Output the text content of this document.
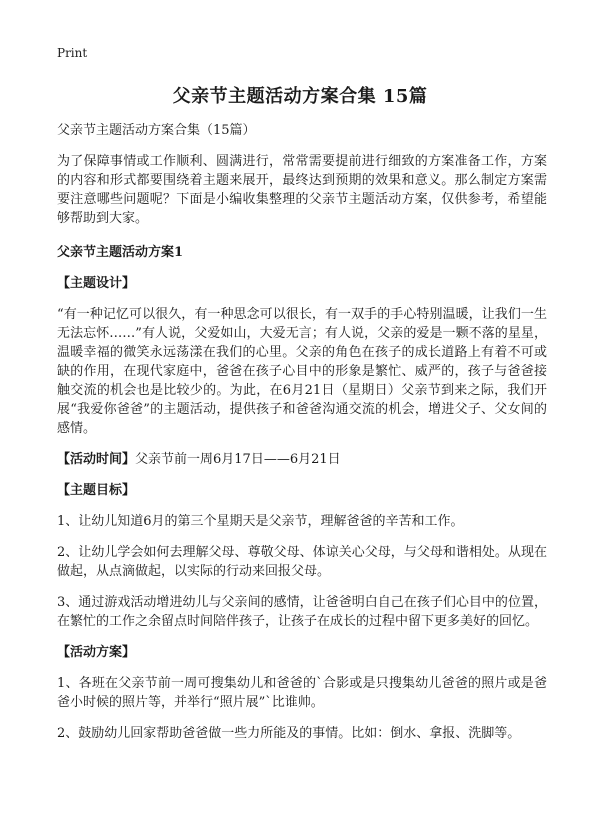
Print
父亲节主题活动方案合集 15篇

父亲节主题活动方案合集（15篇）

为了保障事情或工作顺利、圆满进行，常常需要提前进行细致的方案准备工作，方案的内容和形式都要围绕着主题来展开，最终达到预期的效果和意义。那么制定方案需要注意哪些问题呢？下面是小编收集整理的父亲节主题活动方案，仅供参考，希望能够帮助到大家。

父亲节主题活动方案1

【主题设计】

“有一种记忆可以很久，有一种思念可以很长，有一双手的手心特别温暖，让我们一生无法忘怀……”有人说，父爱如山，大爱无言；有人说，父亲的爱是一颗不落的星星，温暖幸福的微笑永远荡漾在我们的心里。父亲的角色在孩子的成长道路上有着不可或缺的作用，在现代家庭中，爸爸在孩子心目中的形象是繁忙、威严的，孩子与爸爸接触交流的机会也是比较少的。为此，在6月21日（星期日）父亲节到来之际，我们开展“我爱你爸爸”的主题活动，提供孩子和爸爸沟通交流的机会，增进父子、父女间的感情。

【活动时间】父亲节前一周6月17日——6月21日

【主题目标】

1、让幼儿知道6月的第三个星期天是父亲节，理解爸爸的辛苦和工作。

2、让幼儿学会如何去理解父母、尊敬父母、体谅关心父母，与父母和谐相处。从现在做起，从点滴做起，以实际的行动来回报父母。

3、通过游戏活动增进幼儿与父亲间的感情，让爸爸明白自己在孩子们心目中的位置，在繁忙的工作之余留点时间陪伴孩子，让孩子在成长的过程中留下更多美好的回忆。

【活动方案】

1、各班在父亲节前一周可搜集幼儿和爸爸的`合影或是只搜集幼儿爸爸的照片或是爸爸小时候的照片等，并举行“照片展”`比谁帅。

2、鼓励幼儿回家帮助爸爸做一些力所能及的事情。比如：倒水、拿报、洗脚等。
